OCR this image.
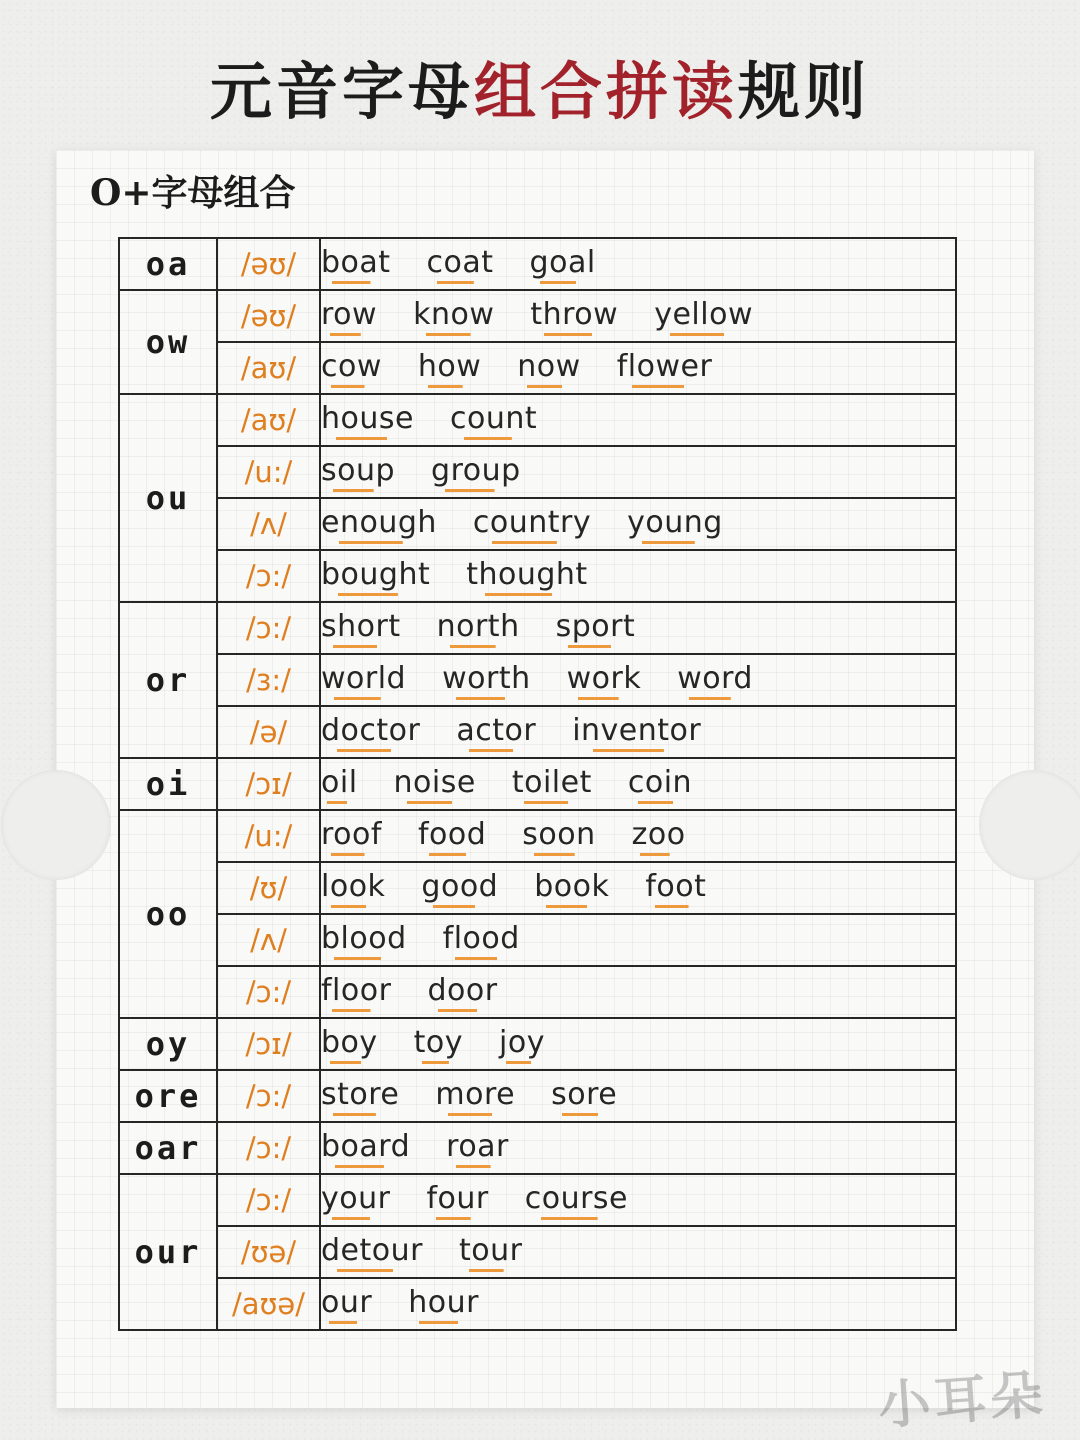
元音字母组合拼读规则
O+字母组合
oa	/əʊ/	boat coat goal
ow	/əʊ/	row know throw yellow
	/aʊ/	cow how now flower
ou	/aʊ/	house count
	/u:/	soup group
	/ʌ/	enough country young
	/ɔ:/	bought thought
or	/ɔ:/	short north sport
	/ɜ:/	world worth work word
	/ə/	doctor actor inventor
oi	/ɔɪ/	oil noise toilet coin
oo	/u:/	roof food soon zoo
	/ʊ/	look good book foot
	/ʌ/	blood flood
	/ɔ:/	floor door
oy	/ɔɪ/	boy toy joy
ore	/ɔ:/	store more sore
oar	/ɔ:/	board roar
our	/ɔ:/	your four course
	/ʊə/	detour tour
	/aʊə/	our hour
小耳朵
